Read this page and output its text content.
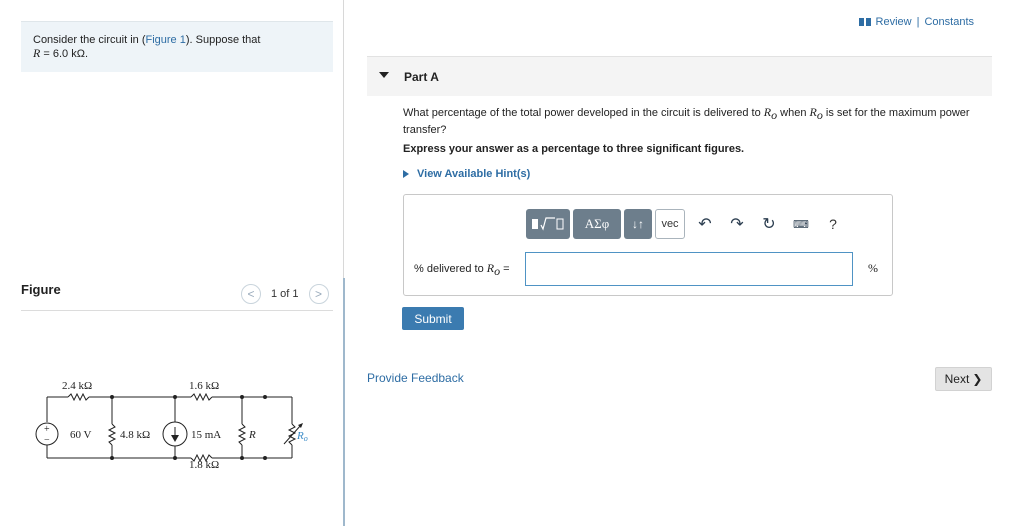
Consider the circuit in (Figure 1). Suppose that
R = 6.0 kΩ.
Figure	<	1 of 1	>
2.4 kΩ	1.6 kΩ
60 V	4.8 kΩ	15 mA	R
1.8 kΩ
+
−	Ro
Review | Constants
Part A
What percentage of the total power developed in the circuit is delivered to $R_o$ when $R_o$ is set for the maximum power transfer?
Express your answer as a percentage to three significant figures.
View Available Hint(s)
ΑΣφ	↓↑	vec	↶	↷	↻	⌨	?
% delivered to $R_o$ =	%
Submit
Provide Feedback	Next ❯
